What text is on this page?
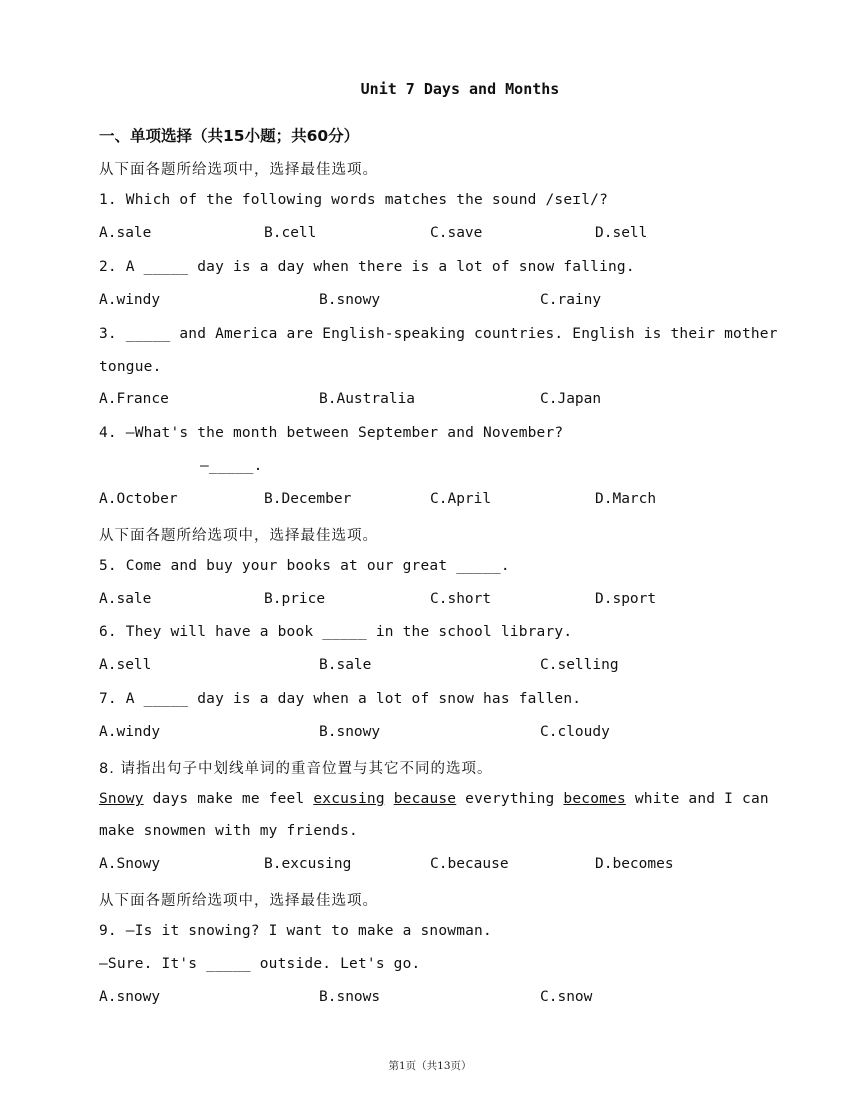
Unit 7 Days and Months
一、单项选择（共15小题；共60分）
从下面各题所给选项中，选择最佳选项。
1. Which of the following words matches the sound /seɪl/?
A.sale	B.cell	C.save	D.sell
2. A _____ day is a day when there is a lot of snow falling.
A.windy	B.snowy	C.rainy
3. _____ and America are English-speaking countries. English is their mother
tongue.
A.France	B.Australia	C.Japan
4. —What's the month between September and November?
—_____.
A.October	B.December	C.April	D.March
从下面各题所给选项中，选择最佳选项。
5. Come and buy your books at our great _____.
A.sale	B.price	C.short	D.sport
6. They will have a book _____ in the school library.
A.sell	B.sale	C.selling
7. A _____ day is a day when a lot of snow has fallen.
A.windy	B.snowy	C.cloudy
8. 请指出句子中划线单词的重音位置与其它不同的选项。
Snowy days make me feel excusing because everything becomes white and I can
make snowmen with my friends.
A.Snowy	B.excusing	C.because	D.becomes
从下面各题所给选项中，选择最佳选项。
9. —Is it snowing? I want to make a snowman.
—Sure. It's _____ outside. Let's go.
A.snowy	B.snows	C.snow
第1页（共13页）
